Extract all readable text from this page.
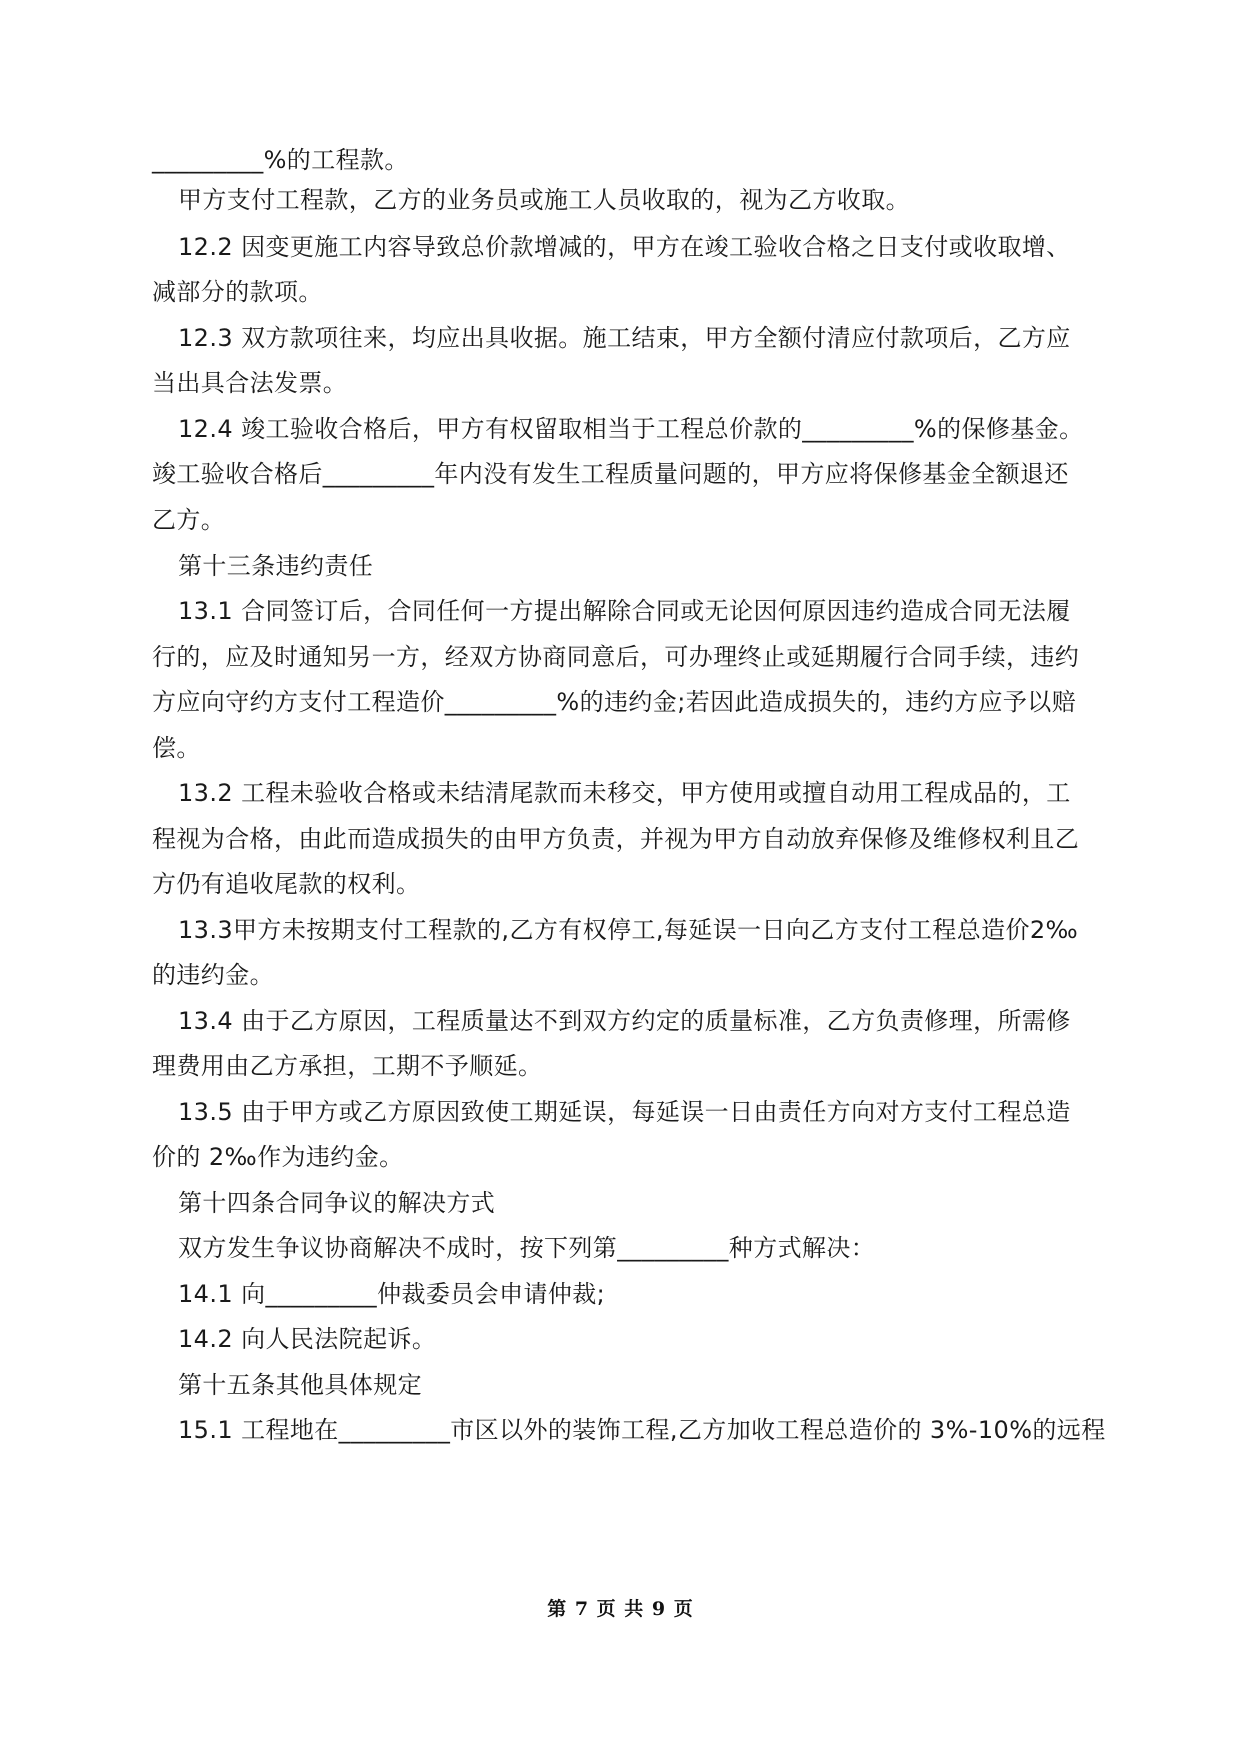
_________%的工程款。
甲方支付工程款，乙方的业务员或施工人员收取的，视为乙方收取。
12.2 因变更施工内容导致总价款增减的，甲方在竣工验收合格之日支付或收取增、
减部分的款项。
12.3 双方款项往来，均应出具收据。施工结束，甲方全额付清应付款项后，乙方应
当出具合法发票。
12.4 竣工验收合格后，甲方有权留取相当于工程总价款的_________%的保修基金。
竣工验收合格后_________年内没有发生工程质量问题的，甲方应将保修基金全额退还
乙方。
第十三条违约责任
13.1 合同签订后，合同任何一方提出解除合同或无论因何原因违约造成合同无法履
行的，应及时通知另一方，经双方协商同意后，可办理终止或延期履行合同手续，违约
方应向守约方支付工程造价_________%的违约金;若因此造成损失的，违约方应予以赔
偿。
13.2 工程未验收合格或未结清尾款而未移交，甲方使用或擅自动用工程成品的，工
程视为合格，由此而造成损失的由甲方负责，并视为甲方自动放弃保修及维修权利且乙
方仍有追收尾款的权利。
13.3甲方未按期支付工程款的,乙方有权停工,每延误一日向乙方支付工程总造价2‰
的违约金。
13.4 由于乙方原因，工程质量达不到双方约定的质量标准，乙方负责修理，所需修
理费用由乙方承担，工期不予顺延。
13.5 由于甲方或乙方原因致使工期延误，每延误一日由责任方向对方支付工程总造
价的 2‰作为违约金。
第十四条合同争议的解决方式
双方发生争议协商解决不成时，按下列第_________种方式解决：
14.1 向_________仲裁委员会申请仲裁;
14.2 向人民法院起诉。
第十五条其他具体规定
15.1 工程地在_________市区以外的装饰工程,乙方加收工程总造价的 3%-10%的远程
第 7 页 共 9 页
